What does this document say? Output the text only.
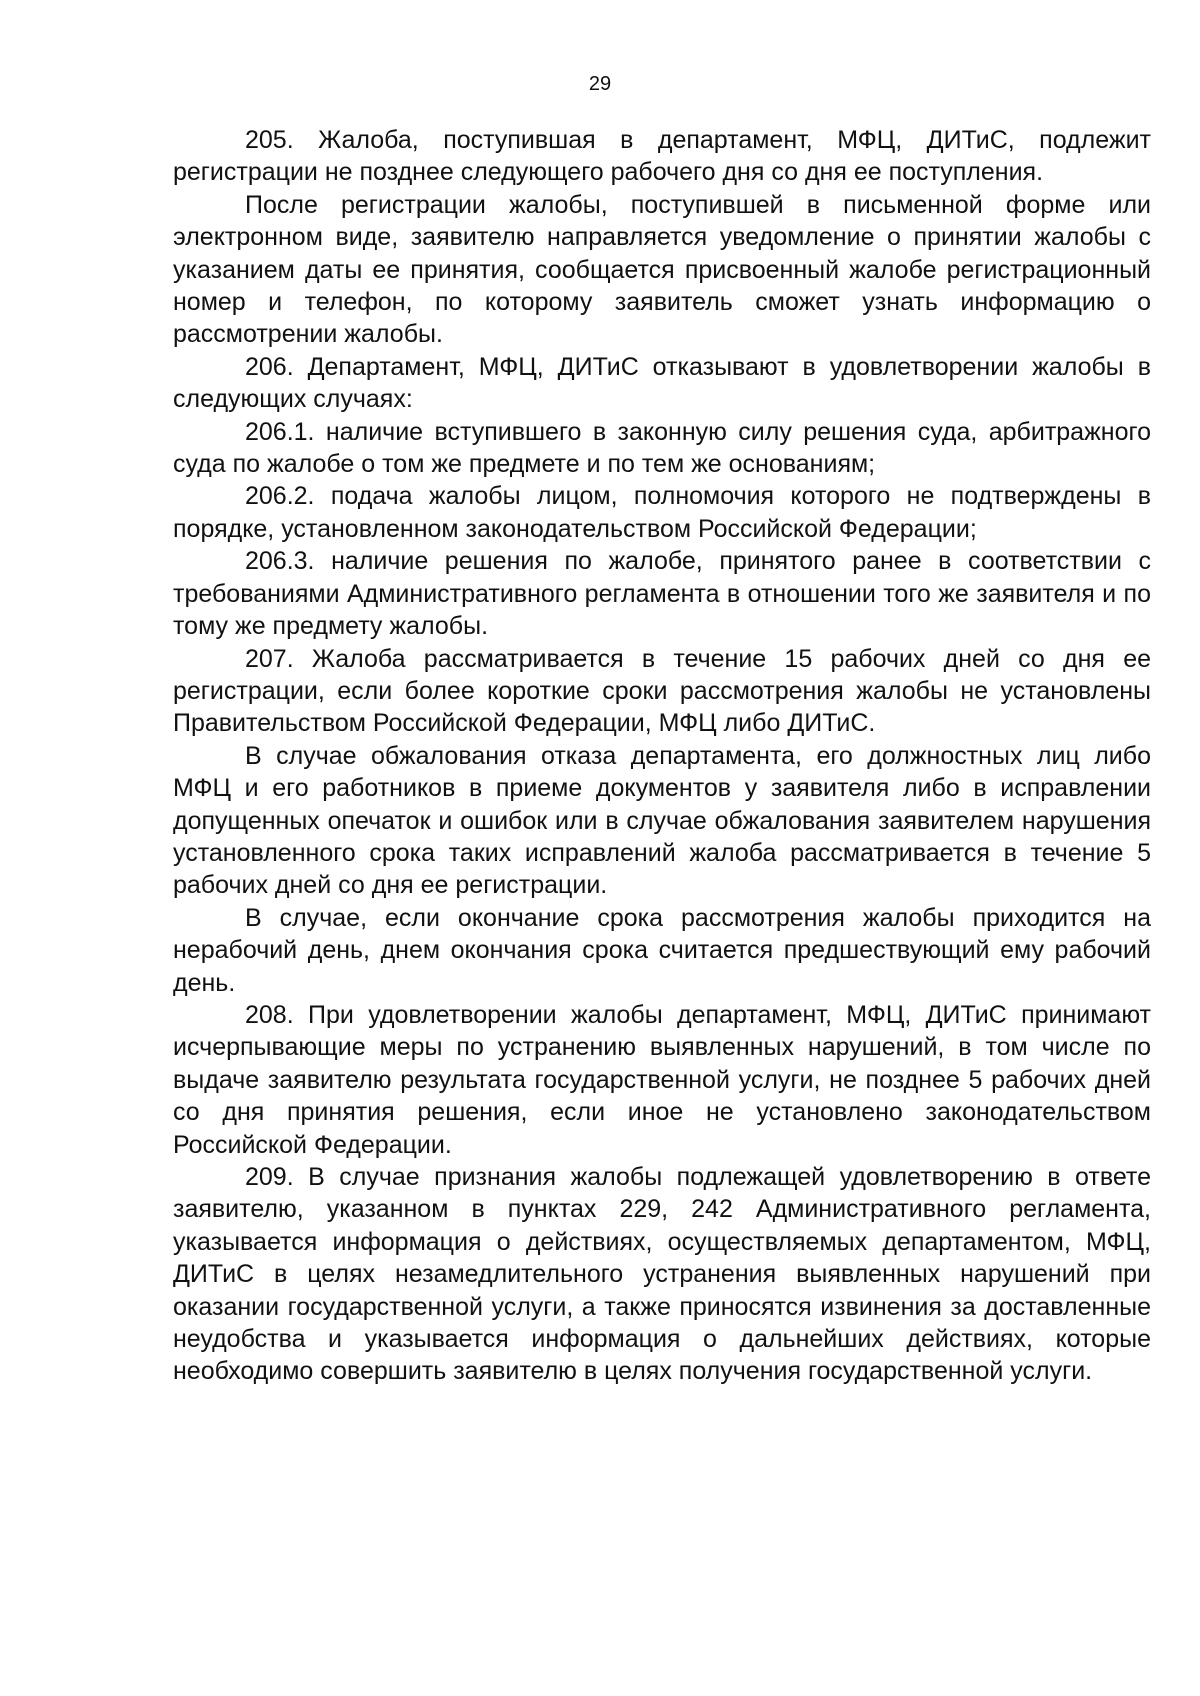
29

205. Жалоба, поступившая в департамент, МФЦ, ДИТиС, подлежит регистрации не позднее следующего рабочего дня со дня ее поступления.

После регистрации жалобы, поступившей в письменной форме или электронном виде, заявителю направляется уведомление о принятии жалобы с указанием даты ее принятия, сообщается присвоенный жалобе регистрационный номер и телефон, по которому заявитель сможет узнать информацию о рассмотрении жалобы.

206. Департамент, МФЦ, ДИТиС отказывают в удовлетворении жалобы в следующих случаях:

206.1. наличие вступившего в законную силу решения суда, арбитражного суда по жалобе о том же предмете и по тем же основаниям;

206.2. подача жалобы лицом, полномочия которого не подтверждены в порядке, установленном законодательством Российской Федерации;

206.3. наличие решения по жалобе, принятого ранее в соответствии с требованиями Административного регламента в отношении того же заявителя и по тому же предмету жалобы.

207. Жалоба рассматривается в течение 15 рабочих дней со дня ее регистрации, если более короткие сроки рассмотрения жалобы не установлены Правительством Российской Федерации, МФЦ либо ДИТиС.

В случае обжалования отказа департамента, его должностных лиц либо МФЦ и его работников в приеме документов у заявителя либо в исправлении допущенных опечаток и ошибок или в случае обжалования заявителем нарушения установленного срока таких исправлений жалоба рассматривается в течение 5 рабочих дней со дня ее регистрации.

В случае, если окончание срока рассмотрения жалобы приходится на нерабочий день, днем окончания срока считается предшествующий ему рабочий день.

208. При удовлетворении жалобы департамент, МФЦ, ДИТиС принимают исчерпывающие меры по устранению выявленных нарушений, в том числе по выдаче заявителю результата государственной услуги, не позднее 5 рабочих дней со дня принятия решения, если иное не установлено законодательством Российской Федерации.

209. В случае признания жалобы подлежащей удовлетворению в ответе заявителю, указанном в пунктах 229, 242 Административного регламента, указывается информация о действиях, осуществляемых департаментом, МФЦ, ДИТиС в целях незамедлительного устранения выявленных нарушений при оказании государственной услуги, а также приносятся извинения за доставленные неудобства и указывается информация о дальнейших действиях, которые необходимо совершить заявителю в целях получения государственной услуги.
